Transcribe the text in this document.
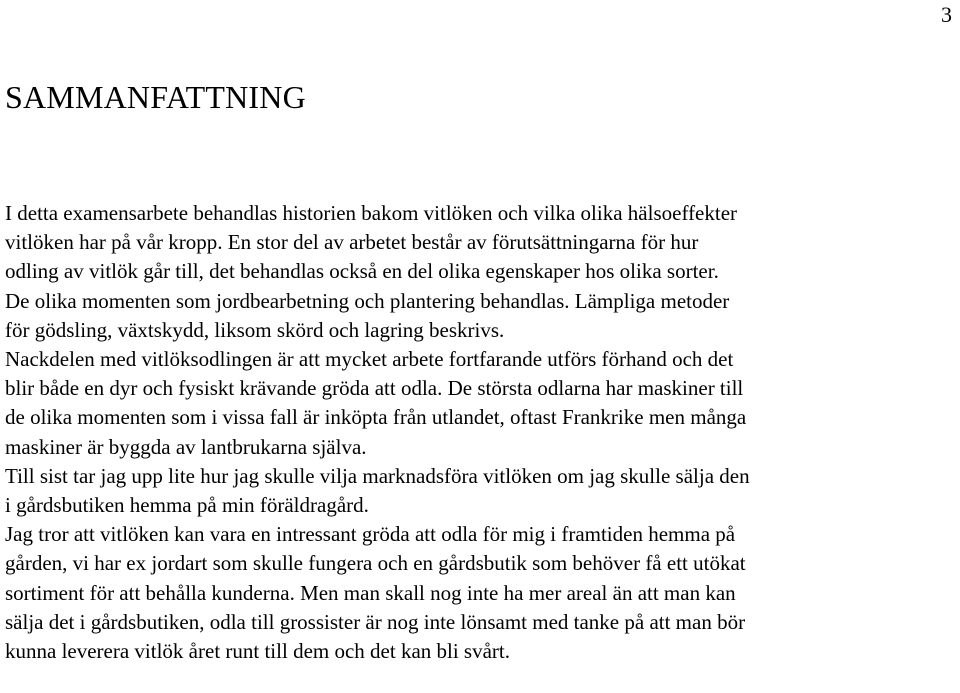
3
SAMMANFATTNING
I detta examensarbete behandlas historien bakom vitlöken och vilka olika hälsoeffekter
vitlöken har på vår kropp. En stor del av arbetet består av förutsättningarna för hur
odling av vitlök går till, det behandlas också en del olika egenskaper hos olika sorter.
De olika momenten som jordbearbetning och plantering behandlas. Lämpliga metoder
för gödsling, växtskydd, liksom skörd och lagring beskrivs.
Nackdelen med vitlöksodlingen är att mycket arbete fortfarande utförs förhand och det
blir både en dyr och fysiskt krävande gröda att odla. De största odlarna har maskiner till
de olika momenten som i vissa fall är inköpta från utlandet, oftast Frankrike men många
maskiner är byggda av lantbrukarna själva.
Till sist tar jag upp lite hur jag skulle vilja marknadsföra vitlöken om jag skulle sälja den
i gårdsbutiken hemma på min föräldragård.
Jag tror att vitlöken kan vara en intressant gröda att odla för mig i framtiden hemma på
gården, vi har ex jordart som skulle fungera och en gårdsbutik som behöver få ett utökat
sortiment för att behålla kunderna. Men man skall nog inte ha mer areal än att man kan
sälja det i gårdsbutiken, odla till grossister är nog inte lönsamt med tanke på att man bör
kunna leverera vitlök året runt till dem och det kan bli svårt.
